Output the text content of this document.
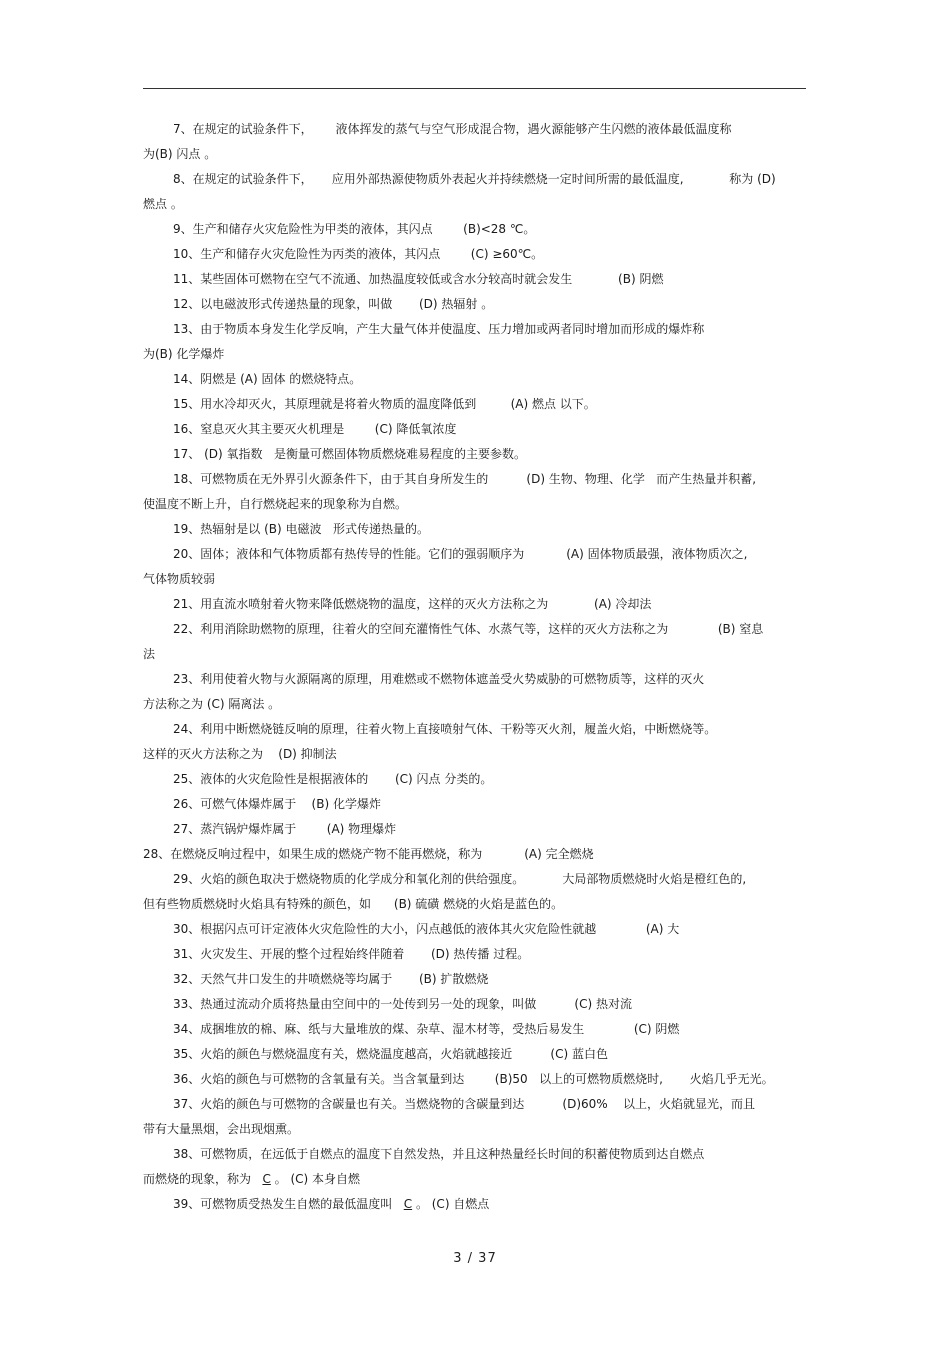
7、在规定的试验条件下，      液体挥发的蒸气与空气形成混合物，遇火源能够产生闪燃的液体最低温度称
为(B) 闪点 。
8、在规定的试验条件下，     应用外部热源使物质外表起火并持续燃烧一定时间所需的最低温度,            称为 (D)
燃点 。
9、生产和储存火灾危险性为甲类的液体，其闪点        (B)<28 ℃。
10、生产和储存火灾危险性为丙类的液体，其闪点        (C) ≥60℃。
11、某些固体可燃物在空气不流通、加热温度较低或含水分较高时就会发生            (B) 阴燃
12、以电磁波形式传递热量的现象，叫做       (D) 热辐射 。
13、由于物质本身发生化学反响，产生大量气体并使温度、压力增加或两者同时增加而形成的爆炸称
为(B) 化学爆炸
14、阴燃是 (A) 固体 的燃烧特点。
15、用水冷却灭火，其原理就是将着火物质的温度降低到         (A) 燃点 以下。
16、窒息灭火其主要灭火机理是        (C) 降低氧浓度
17、 (D) 氧指数   是衡量可燃固体物质燃烧难易程度的主要参数。
18、可燃物质在无外界引火源条件下，由于其自身所发生的          (D) 生物、物理、化学   而产生热量并积蓄,
使温度不断上升，自行燃烧起来的现象称为自燃。
19、热辐射是以 (B) 电磁波   形式传递热量的。
20、固体；液体和气体物质都有热传导的性能。它们的强弱顺序为           (A) 固体物质最强，液体物质次之,
气体物质较弱
21、用直流水喷射着火物来降低燃烧物的温度，这样的灭火方法称之为            (A) 冷却法
22、利用消除助燃物的原理，往着火的空间充灌惰性气体、水蒸气等，这样的灭火方法称之为             (B) 窒息
法
23、利用使着火物与火源隔离的原理，用难燃或不燃物体遮盖受火势威胁的可燃物质等，这样的灭火
方法称之为 (C) 隔离法 。
24、利用中断燃烧链反响的原理，往着火物上直接喷射气体、干粉等灭火剂，履盖火焰，中断燃烧等。
这样的灭火方法称之为    (D) 抑制法
25、液体的火灾危险性是根据液体的       (C) 闪点 分类的。
26、可燃气体爆炸属于    (B) 化学爆炸
27、蒸汽锅炉爆炸属于        (A) 物理爆炸
28、在燃烧反响过程中，如果生成的燃烧产物不能再燃烧，称为           (A) 完全燃烧
29、火焰的颜色取决于燃烧物质的化学成分和氧化剂的供给强度。          大局部物质燃烧时火焰是橙红色的,
但有些物质燃烧时火焰具有特殊的颜色，如      (B) 硫磺 燃烧的火焰是蓝色的。
30、根据闪点可讦定液体火灾危险性的大小，闪点越低的液体其火灾危险性就越             (A) 大
31、火灾发生、开展的整个过程始终伴随着       (D) 热传播 过程。
32、天然气井口发生的井喷燃烧等均属于       (B) 扩散燃烧
33、热通过流动介质将热量由空间中的一处传到另一处的现象，叫做          (C) 热对流
34、成捆堆放的棉、麻、纸与大量堆放的煤、杂草、湿木材等，受热后易发生             (C) 阴燃
35、火焰的颜色与燃烧温度有关，燃烧温度越高，火焰就越接近          (C) 蓝白色
36、火焰的颜色与可燃物的含氧量有关。当含氧量到达        (B)50   以上的可燃物质燃烧时,       火焰几乎无光。
37、火焰的颜色与可燃物的含碳量也有关。当燃烧物的含碳量到达          (D)60%    以上，火焰就显光，而且
带有大量黑烟，会出现烟熏。
38、可燃物质，在远低于自燃点的温度下自然发热，并且这种热量经长时间的积蓄使物质到达自燃点
而燃烧的现象，称为 C 。 (C) 本身自燃
39、可燃物质受热发生自燃的最低温度叫 C 。 (C) 自燃点
3 / 37
